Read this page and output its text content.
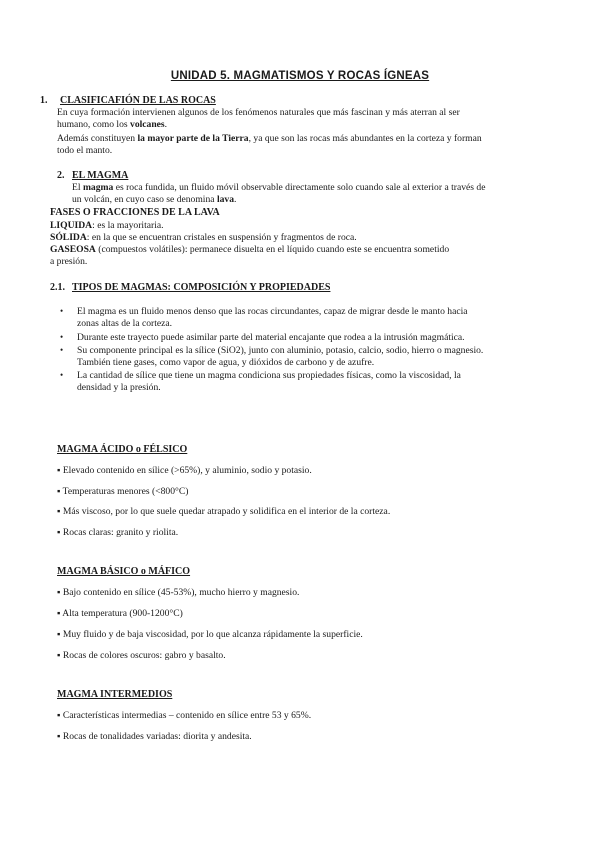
UNIDAD 5. MAGMATISMOS Y ROCAS ÍGNEAS
1. CLASIFICAFIÓN DE LAS ROCAS
En cuya formación intervienen algunos de los fenómenos naturales que más fascinan y más aterran al ser
humano, como los volcanes.
Además constituyen la mayor parte de la Tierra, ya que son las rocas más abundantes en la corteza y forman
todo el manto.
2. EL MAGMA
El magma es roca fundida, un fluido móvil observable directamente solo cuando sale al exterior a través de
un volcán, en cuyo caso se denomina lava.
FASES O FRACCIONES DE LA LAVA
LIQUIDA: es la mayoritaria.
SÓLIDA: en la que se encuentran cristales en suspensión y fragmentos de roca.
GASEOSA (compuestos volátiles): permanece disuelta en el líquido cuando este se encuentra sometido
a presión.
2.1. TIPOS DE MAGMAS: COMPOSICIÓN Y PROPIEDADES
• El magma es un fluido menos denso que las rocas circundantes, capaz de migrar desde le manto hacia
zonas altas de la corteza.
• Durante este trayecto puede asimilar parte del material encajante que rodea a la intrusión magmática.
• Su componente principal es la sílice (SiO2), junto con aluminio, potasio, calcio, sodio, hierro o magnesio.
También tiene gases, como vapor de agua, y dióxidos de carbono y de azufre.
• La cantidad de sílice que tiene un magma condiciona sus propiedades físicas, como la viscosidad, la
densidad y la presión.
MAGMA ÁCIDO o FÉLSICO
▪ Elevado contenido en sílice (>65%), y aluminio, sodio y potasio.
▪ Temperaturas menores (<800°C)
▪ Más viscoso, por lo que suele quedar atrapado y solidifica en el interior de la corteza.
▪ Rocas claras: granito y riolita.
MAGMA BÁSICO o MÁFICO
▪ Bajo contenido en sílice (45-53%), mucho hierro y magnesio.
▪ Alta temperatura (900-1200°C)
▪ Muy fluido y de baja viscosidad, por lo que alcanza rápidamente la superficie.
▪ Rocas de colores oscuros: gabro y basalto.
MAGMA INTERMEDIOS
▪ Características intermedias – contenido en sílice entre 53 y 65%.
▪ Rocas de tonalidades variadas: diorita y andesita.
